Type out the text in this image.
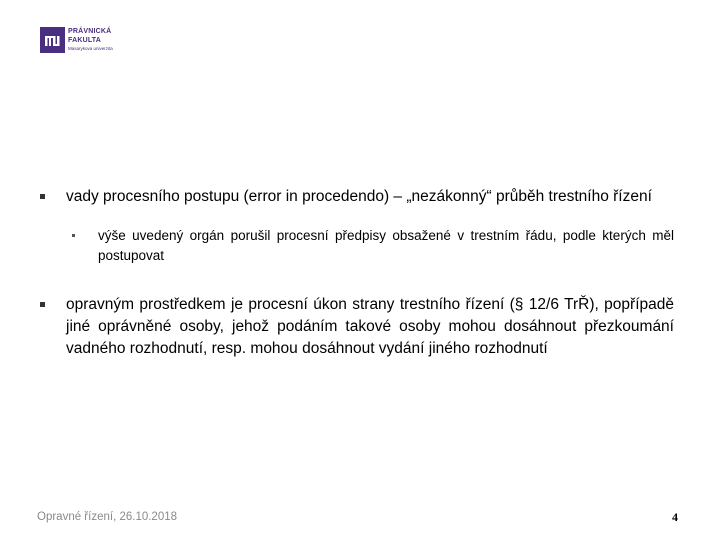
PRÁVNICKÁ
FAKULTA
Masarykova univerzita
vady procesního postupu (error in procedendo) – „nezákonný“ průběh trestního řízení
výše uvedený orgán porušil procesní předpisy obsažené v trestním řádu, podle kterých měl postupovat
opravným prostředkem je procesní úkon strany trestního řízení (§ 12/6 TrŘ), popřípadě jiné oprávněné osoby, jehož podáním takové osoby mohou dosáhnout přezkoumání vadného rozhodnutí, resp. mohou dosáhnout vydání jiného rozhodnutí
Opravné řízení, 26.10.2018	4
